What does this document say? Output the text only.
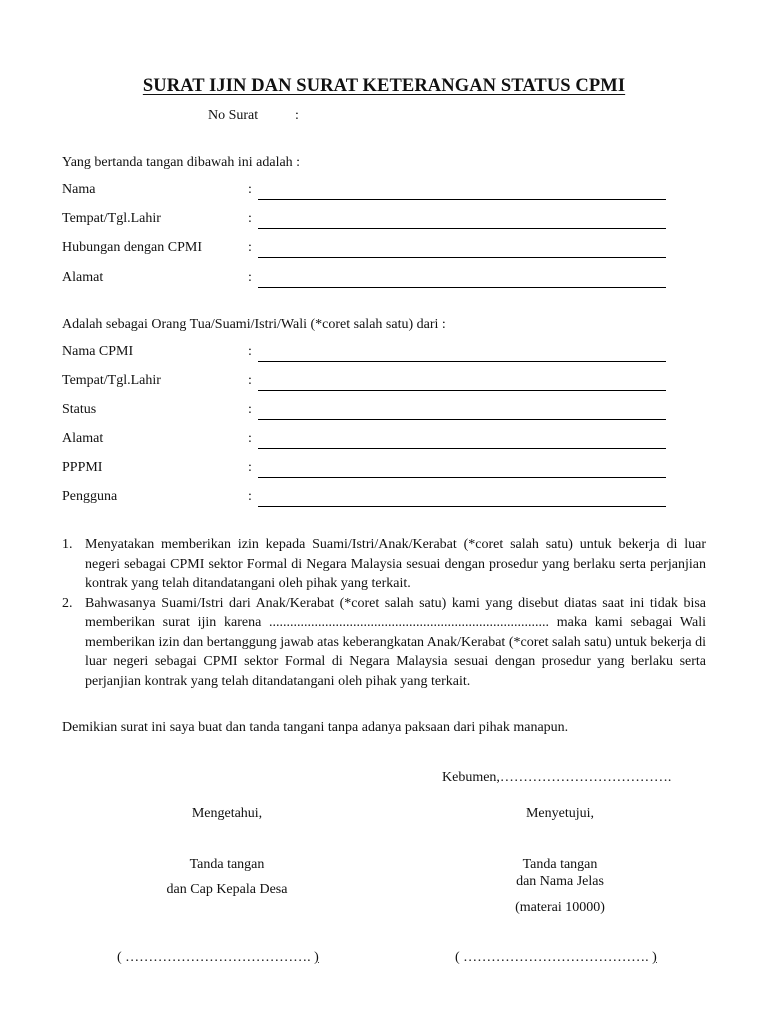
SURAT IJIN DAN SURAT KETERANGAN STATUS CPMI
No Surat	:
Yang bertanda tangan dibawah ini adalah :
Nama	:
Tempat/Tgl.Lahir	:
Hubungan dengan CPMI	:
Alamat	:
Adalah sebagai Orang Tua/Suami/Istri/Wali (*coret salah satu) dari :
Nama CPMI	:
Tempat/Tgl.Lahir	:
Status	:
Alamat	:
PPPMI	:
Pengguna	:
1. Menyatakan memberikan izin kepada Suami/Istri/Anak/Kerabat (*coret salah satu) untuk bekerja di luar negeri sebagai CPMI sektor Formal di Negara Malaysia sesuai dengan prosedur yang berlaku serta perjanjian kontrak yang telah ditandatangani oleh pihak yang terkait.
2. Bahwasanya Suami/Istri dari Anak/Kerabat (*coret salah satu) kami yang disebut diatas saat ini tidak bisa memberikan surat ijin karena ................................................................................ maka kami sebagai Wali memberikan izin dan bertanggung jawab atas keberangkatan Anak/Kerabat (*coret salah satu) untuk bekerja di luar negeri sebagai CPMI sektor Formal di Negara Malaysia sesuai dengan prosedur yang berlaku serta perjanjian kontrak yang telah ditandatangani oleh pihak yang terkait.
Demikian surat ini saya buat dan tanda tangani tanpa adanya paksaan dari pihak manapun.
Kebumen,……………………………….
Mengetahui,
Tanda tangan
dan Cap Kepala Desa
( …………………………………. )
Menyetujui,
Tanda tangan
dan Nama Jelas
(materai 10000)
( …………………………………. )
